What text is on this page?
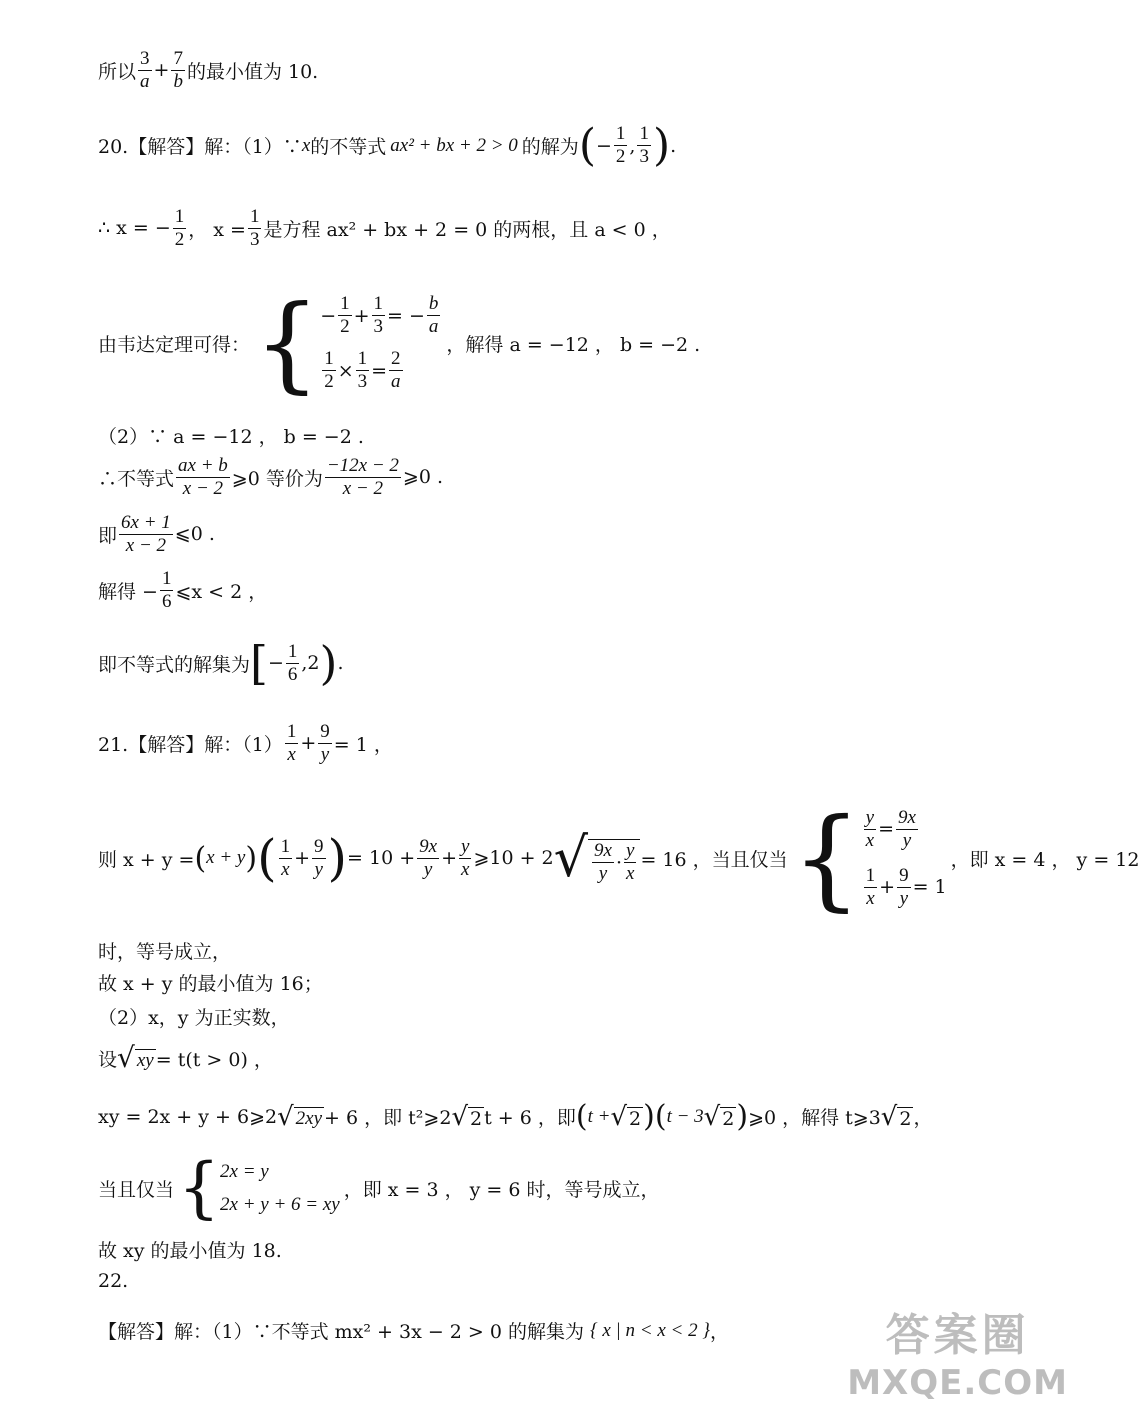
所以 $\frac{3}{a} + \frac{7}{b}$ 的最小值为 10.
20.【解答】解：（1）∵ x 的不等式 ax² + bx + 2 > 0 的解为 ( − $\frac{1}{2}$ , $\frac{1}{3}$ ) .
∴ x = − $\frac{1}{2}$ ， $x = \frac{1}{3}$ 是方程 ax² + bx + 2 = 0 的两根，且 a < 0 ，
由韦达定理可得： { − $\frac{1}{2} + \frac{1}{3}$ = − $\frac{b}{a}$
$\frac{1}{2} \times \frac{1}{3} = \frac{2}{a}$
，解得 a = −12 ， b = −2 .
（2）∵ a = −12 ， b = −2 .
∴不等式 $\frac{ax + b}{x - 2}$ ⩾0 等价为 $\frac{-12x - 2}{x - 2}$ ⩾0 .
即 $\frac{6x + 1}{x - 2}$ ⩽0 .
解得 − $\frac{1}{6}$ ⩽x < 2 ，
即不等式的解集为 [ − $\frac{1}{6} ,2$ ) .
21.【解答】解：$(1) \frac{1}{x} + \frac{9}{y} = 1$ ，
则 x + y = ( x + y ) ( $\frac{1}{x} + \frac{9}{y}$ ) = $10 + \frac{9x}{y} + \frac{y}{x}$ ⩾10 + 2 √ $\frac{9x}{y} \cdot \frac{y}{x} = 16$ ，当且仅当 { $\frac{y}{x} = \frac{9x}{y}$
$\frac{1}{x} + \frac{9}{y} = 1$
，即 x = 4 ， y = 12
时，等号成立，
故 x + y 的最小值为 16；
（2）x，y 为正实数，
设 √ xy = t(t > 0) ，
xy = 2x + y + 6⩾2 √ 2xy + 6 ，即 t²⩾2 √ 2 t + 6 ，即 ( t + √ 2 ) ( t − 3 √ 2 ) ⩾0 ，解得 t⩾3 √ 2 ，
当且仅当 { 2x = y
2x + y + 6 = xy
，即 x = 3 ， y = 6 时，等号成立，
故 xy 的最小值为 18.
22.
【解答】解：（1）∵不等式 mx² + 3x − 2 > 0 的解集为 { x | n < x < 2 } ，	答案圈
MXQE.COM
